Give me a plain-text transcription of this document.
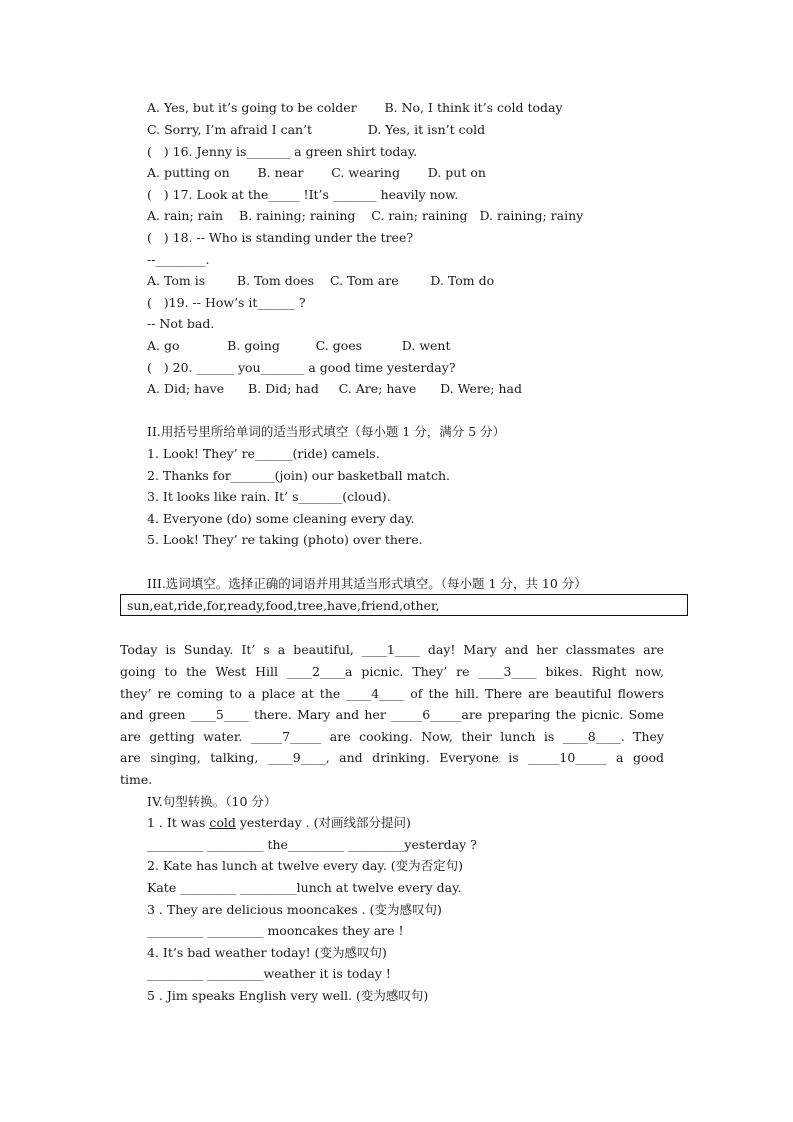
A. Yes, but it’s going to be colder       B. No, I think it’s cold today
C. Sorry, I’m afraid I can’t              D. Yes, it isn’t cold
(   ) 16. Jenny is_______ a green shirt today.
A. putting on       B. near       C. wearing       D. put on
(   ) 17. Look at the_____ !It’s _______ heavily now.
A. rain; rain    B. raining; raining    C. rain; raining   D. raining; rainy
(   ) 18. -- Who is standing under the tree?
--________.
A. Tom is        B. Tom does    C. Tom are        D. Tom do
(   )19. -- How’s it______ ?
-- Not bad.
A. go            B. going         C. goes          D. went
(   ) 20. ______ you_______ a good time yesterday?
A. Did; have      B. Did; had     C. Are; have      D. Were; had
II.用括号里所给单词的适当形式填空（每小题 1 分，满分 5 分）
1. Look! They’ re______(ride) camels.
2. Thanks for_______(join) our basketball match.
3. It looks like rain. It’ s_______(cloud).
4. Everyone (do) some cleaning every day.
5. Look! They’ re taking (photo) over there.
III.选词填空。选择正确的词语并用其适当形式填空。（每小题 1 分，共 10 分）
sun,eat,ride,for,ready,food,tree,have,friend,other,
Today is Sunday. It’ s a beautiful, ____1____ day! Mary and her classmates are
going to the West Hill ____2____a picnic. They’ re ____3____ bikes. Right now,
they’ re coming to a place at the ____4____ of the hill. There are beautiful flowers
and green ____5____ there. Mary and her _____6_____are preparing the picnic. Some
are getting water. _____7_____ are cooking. Now, their lunch is ____8____. They
are singing, talking, ____9____, and drinking. Everyone is _____10_____ a good
time.
IV.句型转换。（10 分）
1 . It was cold yesterday . (对画线部分提问)
_________ _________ the_________ _________yesterday ?
2. Kate has lunch at twelve every day. (变为否定句)
Kate _________ _________lunch at twelve every day.
3 . They are delicious mooncakes . (变为感叹句)
_________ _________ mooncakes they are !
4. It’s bad weather today! (变为感叹句)
_________ _________weather it is today !
5 . Jim speaks English very well. (变为感叹句)
